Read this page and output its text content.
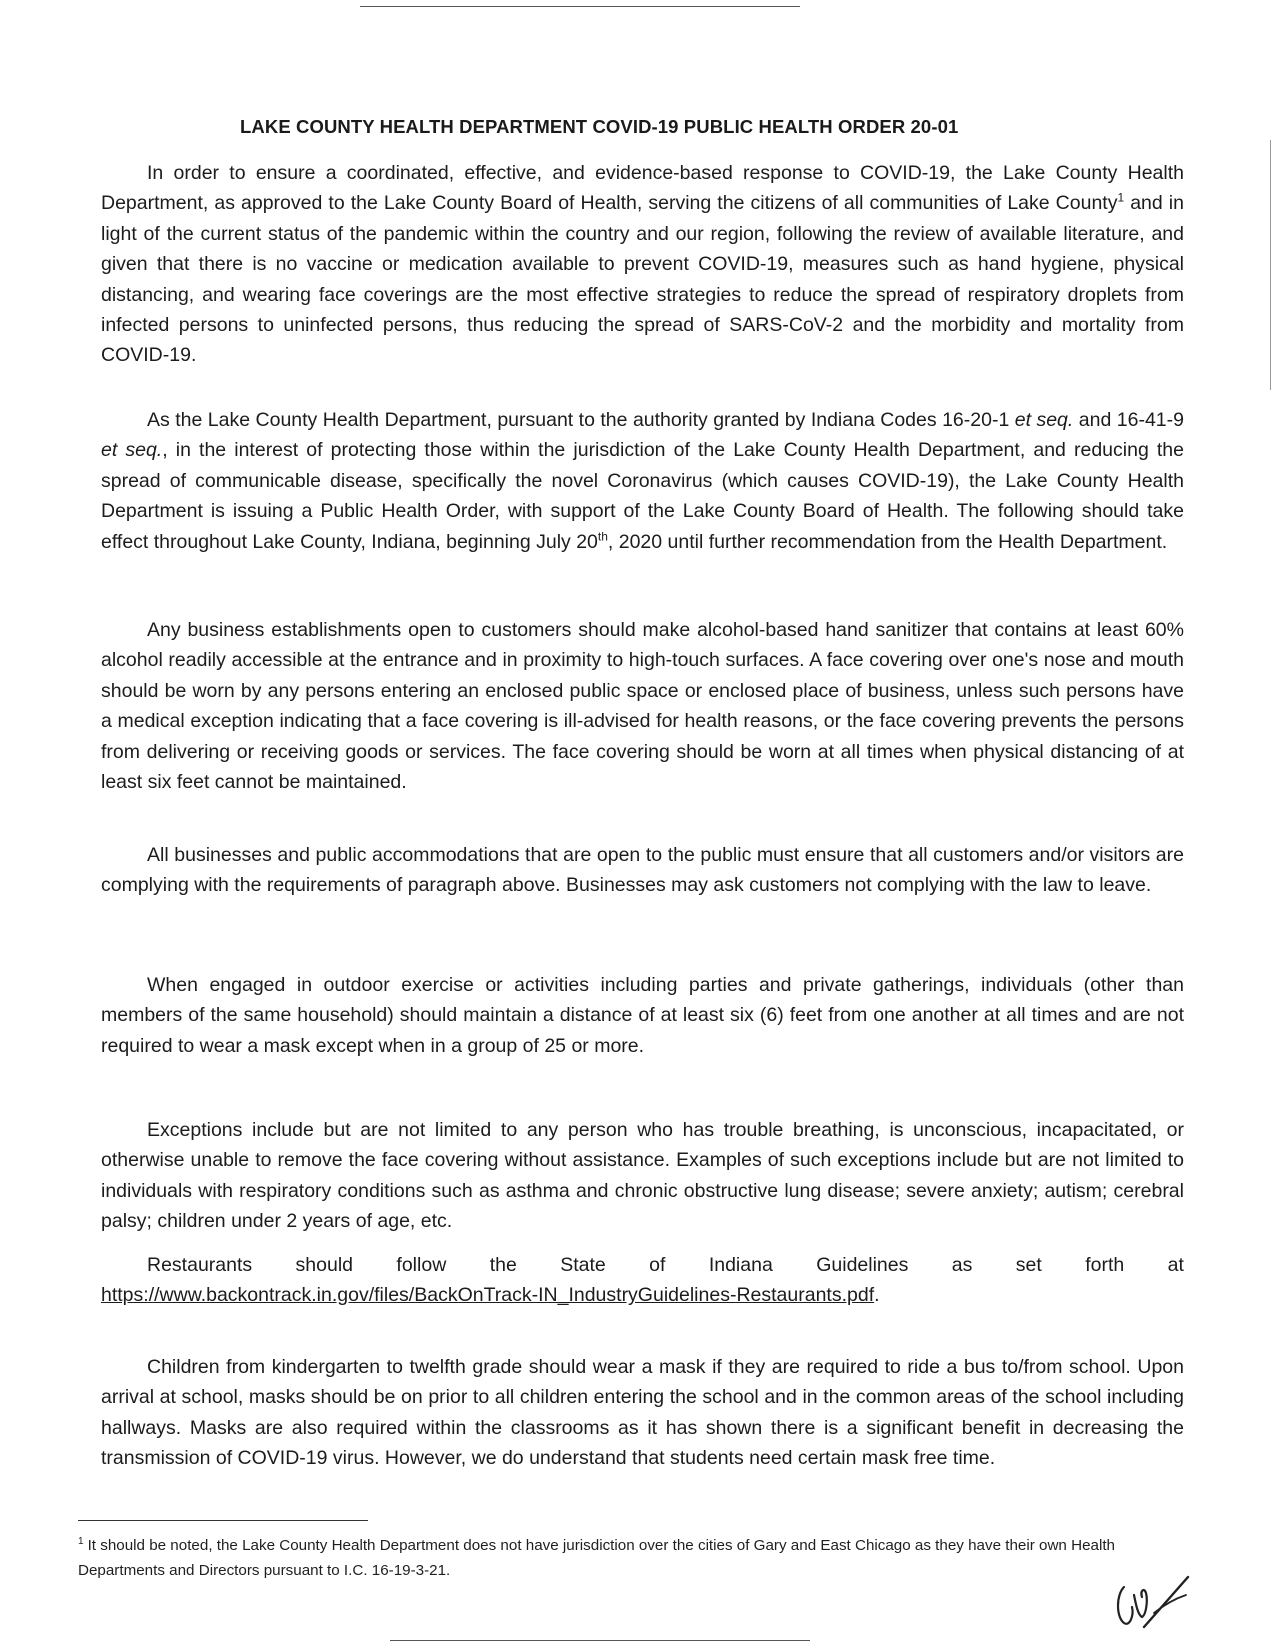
LAKE COUNTY HEALTH DEPARTMENT COVID-19 PUBLIC HEALTH ORDER 20-01

In order to ensure a coordinated, effective, and evidence-based response to COVID-19, the Lake County Health Department, as approved to the Lake County Board of Health, serving the citizens of all communities of Lake County$^1$ and in light of the current status of the pandemic within the country and our region, following the review of available literature, and given that there is no vaccine or medication available to prevent COVID-19, measures such as hand hygiene, physical distancing, and wearing face coverings are the most effective strategies to reduce the spread of respiratory droplets from infected persons to uninfected persons, thus reducing the spread of SARS-CoV-2 and the morbidity and mortality from COVID-19.

As the Lake County Health Department, pursuant to the authority granted by Indiana Codes 16-20-1 et seq. and 16-41-9 et seq., in the interest of protecting those within the jurisdiction of the Lake County Health Department, and reducing the spread of communicable disease, specifically the novel Coronavirus (which causes COVID-19), the Lake County Health Department is issuing a Public Health Order, with support of the Lake County Board of Health. The following should take effect throughout Lake County, Indiana, beginning July 20th, 2020 until further recommendation from the Health Department.

Any business establishments open to customers should make alcohol-based hand sanitizer that contains at least 60% alcohol readily accessible at the entrance and in proximity to high-touch surfaces. A face covering over one's nose and mouth should be worn by any persons entering an enclosed public space or enclosed place of business, unless such persons have a medical exception indicating that a face covering is ill-advised for health reasons, or the face covering prevents the persons from delivering or receiving goods or services. The face covering should be worn at all times when physical distancing of at least six feet cannot be maintained.

All businesses and public accommodations that are open to the public must ensure that all customers and/or visitors are complying with the requirements of paragraph above. Businesses may ask customers not complying with the law to leave.

When engaged in outdoor exercise or activities including parties and private gatherings, individuals (other than members of the same household) should maintain a distance of at least six (6) feet from one another at all times and are not required to wear a mask except when in a group of 25 or more.

Exceptions include but are not limited to any person who has trouble breathing, is unconscious, incapacitated, or otherwise unable to remove the face covering without assistance. Examples of such exceptions include but are not limited to individuals with respiratory conditions such as asthma and chronic obstructive lung disease; severe anxiety; autism; cerebral palsy; children under 2 years of age, etc.

Restaurants should follow the State of Indiana Guidelines as set forth at
https://www.backontrack.in.gov/files/BackOnTrack-IN_IndustryGuidelines-Restaurants.pdf.

Children from kindergarten to twelfth grade should wear a mask if they are required to ride a bus to/from school. Upon arrival at school, masks should be on prior to all children entering the school and in the common areas of the school including hallways. Masks are also required within the classrooms as it has shown there is a significant benefit in decreasing the transmission of COVID-19 virus. However, we do understand that students need certain mask free time.

$^1$ It should be noted, the Lake County Health Department does not have jurisdiction over the cities of Gary and East Chicago as they have their own Health Departments and Directors pursuant to I.C. 16-19-3-21.
